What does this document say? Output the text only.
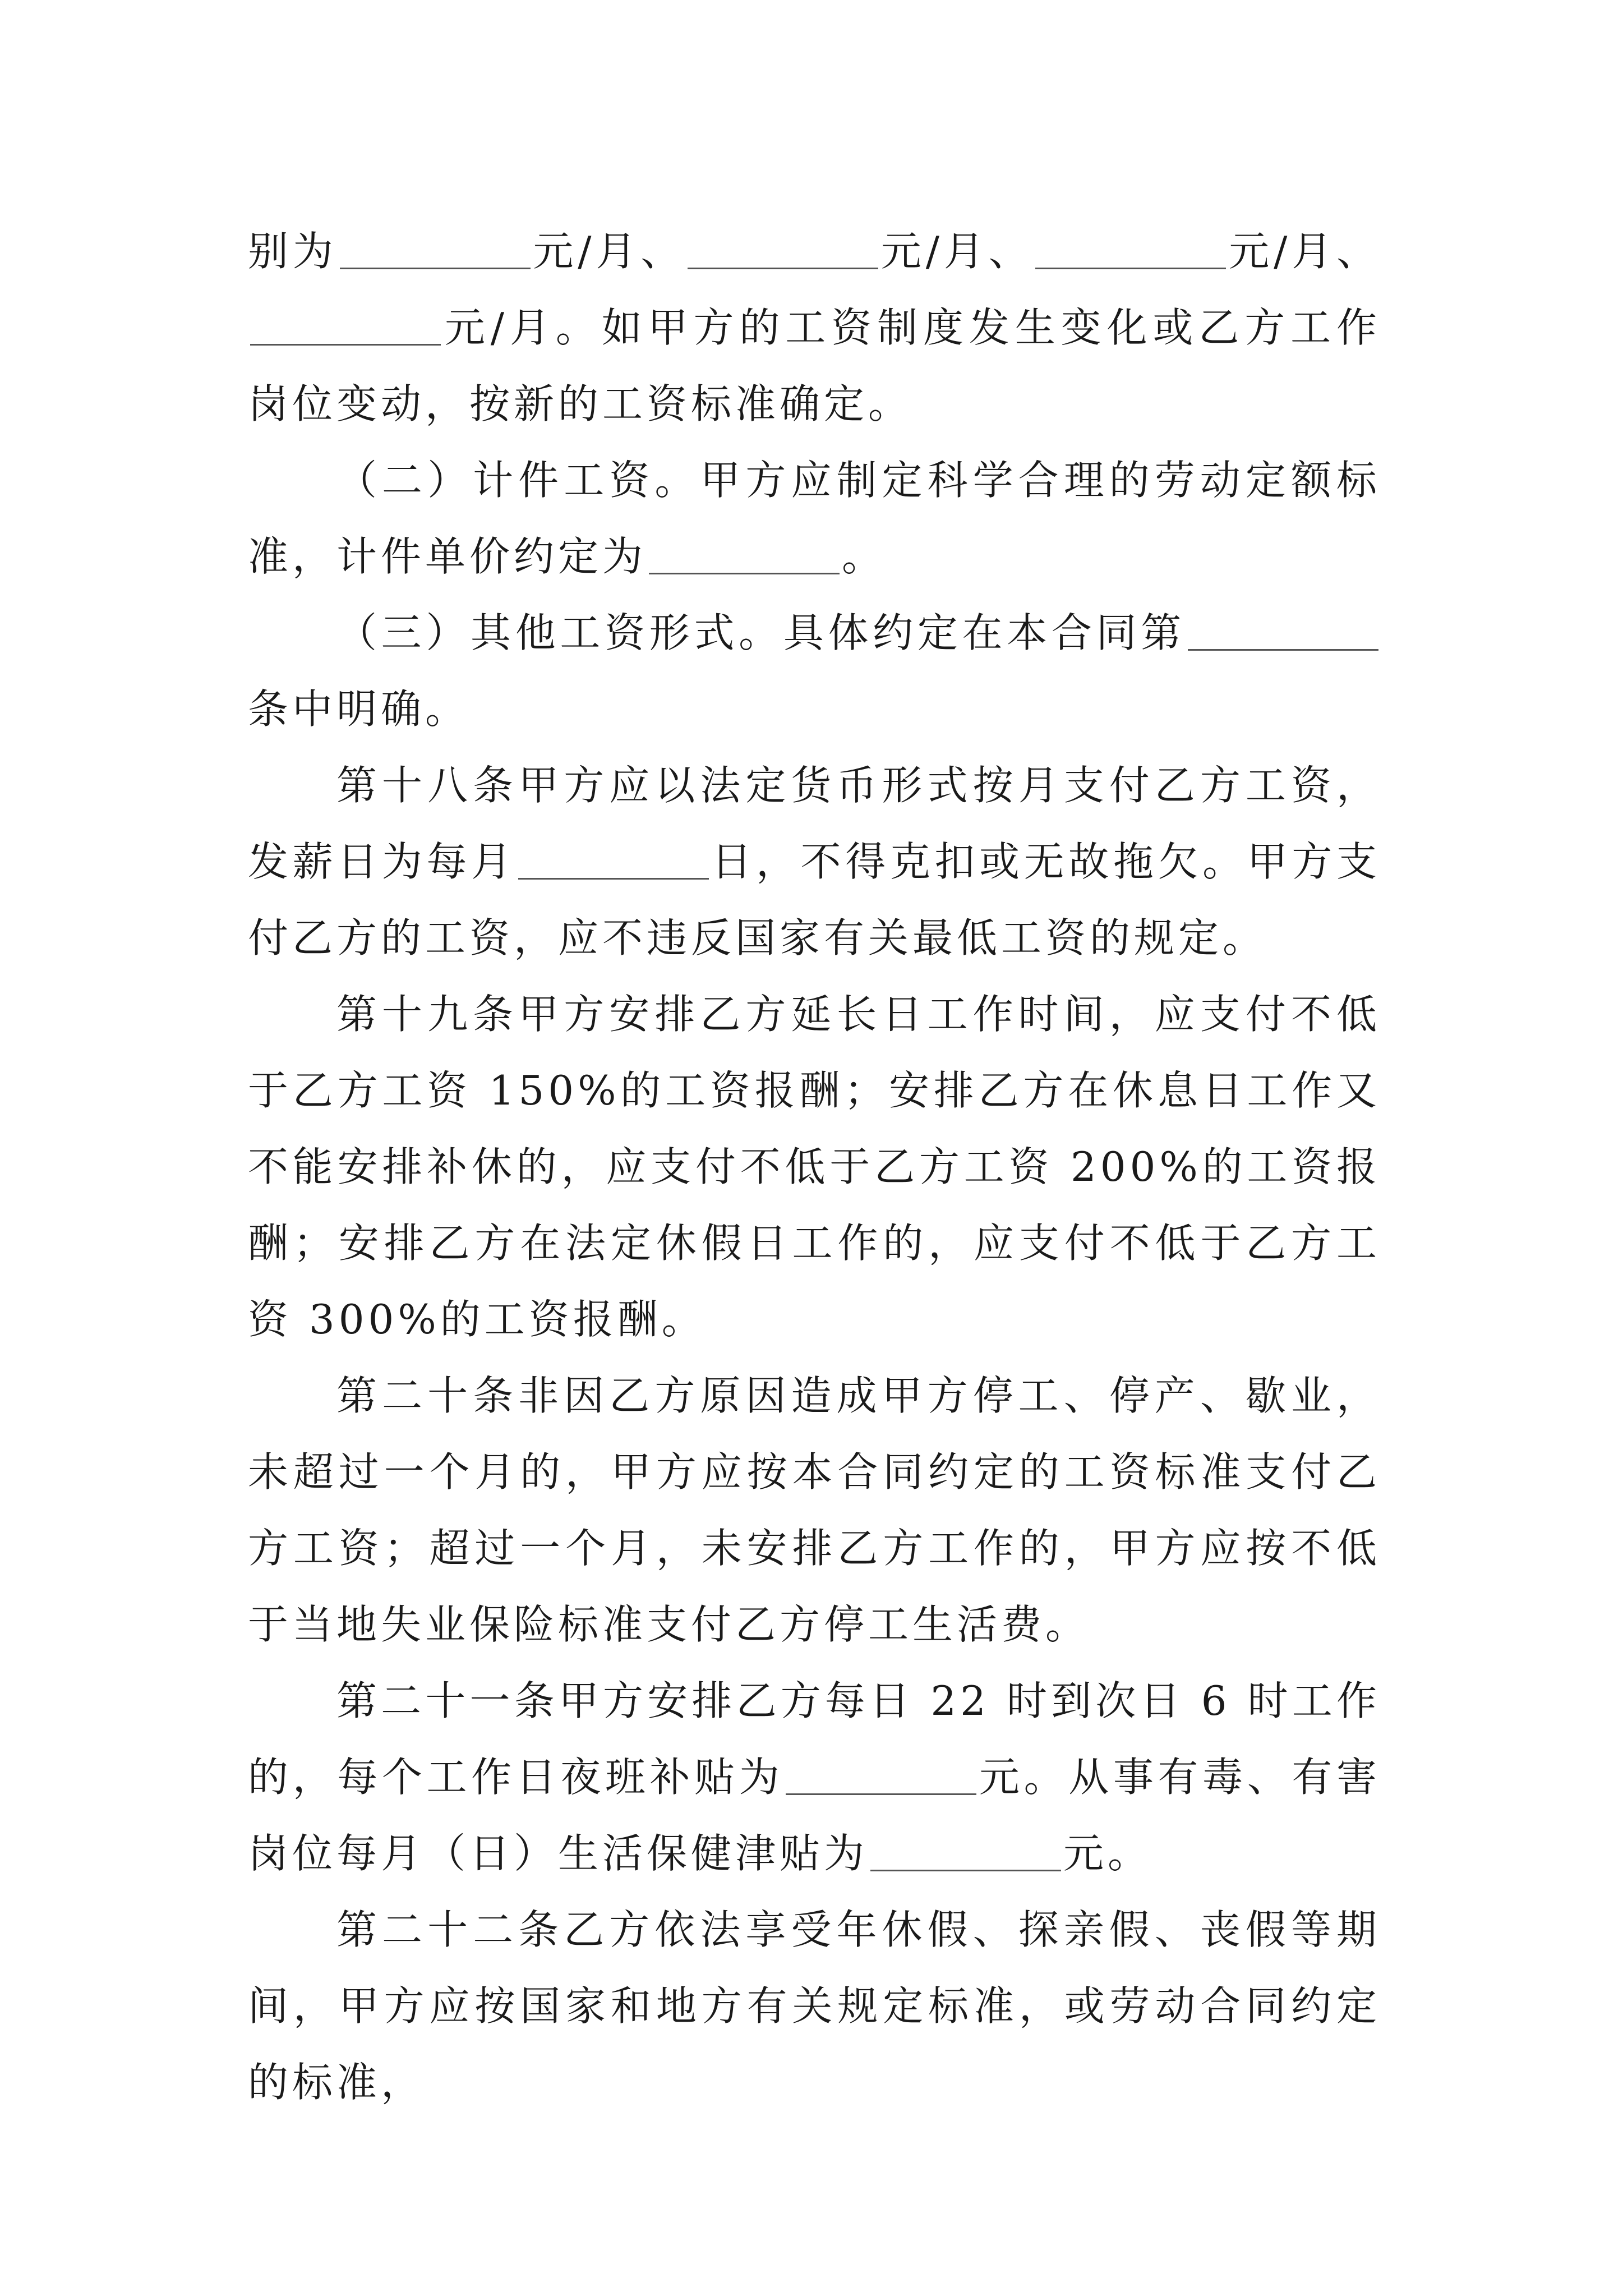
别为	元/月、	元/月、	元/月、元/月。如甲方的工资制度发生变化或乙方工作岗位变动，按新的工资标准确定。

（二）计件工资。甲方应制定科学合理的劳动定额标准，计件单价约定为	。

（三）其他工资形式。具体约定在本合同第条中明确。

第十八条甲方应以法定货币形式按月支付乙方工资，发薪日为每月	日，不得克扣或无故拖欠。甲方支付乙方的工资，应不违反国家有关最低工资的规定。

第十九条甲方安排乙方延长日工作时间，应支付不低于乙方工资 150%的工资报酬；安排乙方在休息日工作又不能安排补休的，应支付不低于乙方工资 200%的工资报酬；安排乙方在法定休假日工作的，应支付不低于乙方工资 300%的工资报酬。

第二十条非因乙方原因造成甲方停工、停产、歇业，未超过一个月的，甲方应按本合同约定的工资标准支付乙方工资；超过一个月，未安排乙方工作的，甲方应按不低于当地失业保险标准支付乙方停工生活费。

第二十一条甲方安排乙方每日 22 时到次日 6 时工作的，每个工作日夜班补贴为	元。从事有毒、有害岗位每月（日）生活保健津贴为	元。

第二十二条乙方依法享受年休假、探亲假、丧假等期间，甲方应按国家和地方有关规定标准，或劳动合同约定的标准，
